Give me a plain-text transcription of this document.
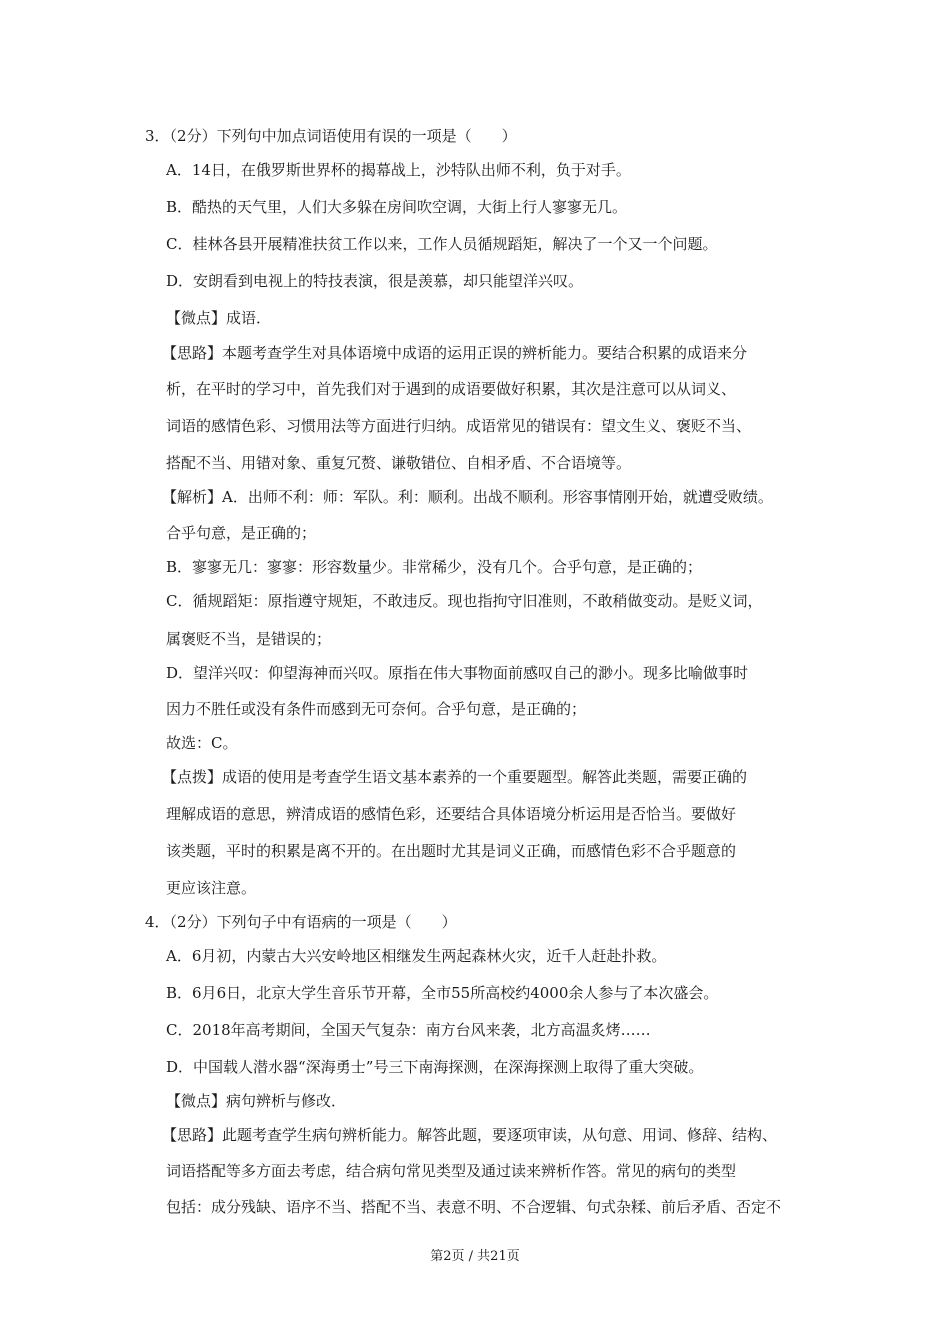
3．（2分）下列句中加点词语使用有误的一项是（　　）
A．14日，在俄罗斯世界杯的揭幕战上，沙特队出师不利，负于对手。
B．酷热的天气里，人们大多躲在房间吹空调，大街上行人寥寥无几。
C．桂林各县开展精准扶贫工作以来，工作人员循规蹈矩，解决了一个又一个问题。
D．安朗看到电视上的特技表演，很是羡慕，却只能望洋兴叹。
【微点】成语．
【思路】本题考查学生对具体语境中成语的运用正误的辨析能力。要结合积累的成语来分
析，在平时的学习中，首先我们对于遇到的成语要做好积累，其次是注意可以从词义、
词语的感情色彩、习惯用法等方面进行归纳。成语常见的错误有：望文生义、褒贬不当、
搭配不当、用错对象、重复冗赘、谦敬错位、自相矛盾、不合语境等。
【解析】A．出师不利：师：军队。利：顺利。出战不顺利。形容事情刚开始，就遭受败绩。
合乎句意，是正确的；
B．寥寥无几：寥寥：形容数量少。非常稀少，没有几个。合乎句意，是正确的；
C．循规蹈矩：原指遵守规矩，不敢违反。现也指拘守旧准则，不敢稍做变动。是贬义词，
属褒贬不当，是错误的；
D．望洋兴叹：仰望海神而兴叹。原指在伟大事物面前感叹自己的渺小。现多比喻做事时
因力不胜任或没有条件而感到无可奈何。合乎句意，是正确的；
故选：C。
【点拨】成语的使用是考查学生语文基本素养的一个重要题型。解答此类题，需要正确的
理解成语的意思，辨清成语的感情色彩，还要结合具体语境分析运用是否恰当。要做好
该类题，平时的积累是离不开的。在出题时尤其是词义正确，而感情色彩不合乎题意的
更应该注意。
4．（2分）下列句子中有语病的一项是（　　）
A．6月初，内蒙古大兴安岭地区相继发生两起森林火灾，近千人赶赴扑救。
B．6月6日，北京大学生音乐节开幕，全市55所高校约4000余人参与了本次盛会。
C．2018年高考期间，全国天气复杂：南方台风来袭，北方高温炙烤……
D．中国载人潜水器“深海勇士”号三下南海探测，在深海探测上取得了重大突破。
【微点】病句辨析与修改．
【思路】此题考查学生病句辨析能力。解答此题，要逐项审读，从句意、用词、修辞、结构、
词语搭配等多方面去考虑，结合病句常见类型及通过读来辨析作答。常见的病句的类型
包括：成分残缺、语序不当、搭配不当、表意不明、不合逻辑、句式杂糅、前后矛盾、否定不
第2页 / 共21页
